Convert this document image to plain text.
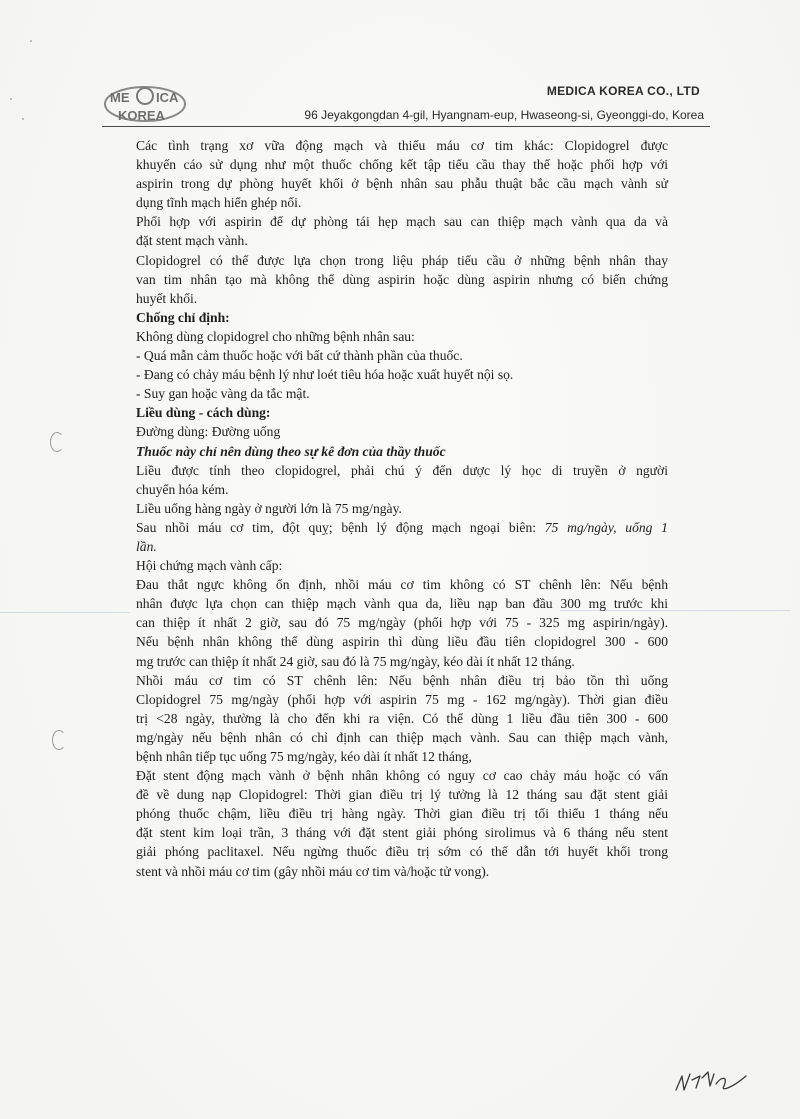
ME ICA
KOREA
MEDICA KOREA CO., LTD
96 Jeyakgongdan 4-gil, Hyangnam-eup, Hwaseong-si, Gyeonggi-do, Korea

Các tình trạng xơ vữa động mạch và thiếu máu cơ tim khác: Clopidogrel được
khuyến cáo sử dụng như một thuốc chống kết tập tiểu cầu thay thế hoặc phối hợp với
aspirin trong dự phòng huyết khối ở bệnh nhân sau phẫu thuật bắc cầu mạch vành sử
dụng tĩnh mạch hiển ghép nối.

Phối hợp với aspirin để dự phòng tái hẹp mạch sau can thiệp mạch vành qua da và
đặt stent mạch vành.

Clopidogrel có thể được lựa chọn trong liệu pháp tiểu cầu ở những bệnh nhân thay
van tim nhân tạo mà không thể dùng aspirin hoặc dùng aspirin nhưng có biến chứng
huyết khối.

Chống chỉ định:

Không dùng clopidogrel cho những bệnh nhân sau:

- Quá mẫn cảm thuốc hoặc với bất cứ thành phần của thuốc.

- Đang có chảy máu bệnh lý như loét tiêu hóa hoặc xuất huyết nội sọ.

- Suy gan hoặc vàng da tắc mật.

Liều dùng - cách dùng:

Đường dùng: Đường uống

Thuốc này chỉ nên dùng theo sự kê đơn của thầy thuốc

Liều được tính theo clopidogrel, phải chú ý đến dược lý học di truyền ở người
chuyển hóa kém.

Liều uống hàng ngày ở người lớn là 75 mg/ngày.

Sau nhồi máu cơ tim, đột quỵ; bệnh lý động mạch ngoại biên: 75 mg/ngày, uống 1
lần.

Hội chứng mạch vành cấp:

Đau thắt ngực không ổn định, nhồi máu cơ tim không có ST chênh lên: Nếu bệnh
nhân được lựa chọn can thiệp mạch vành qua da, liều nạp ban đầu 300 mg trước khi
can thiệp ít nhất 2 giờ, sau đó 75 mg/ngày (phối hợp với 75 - 325 mg aspirin/ngày).
Nếu bệnh nhân không thể dùng aspirin thì dùng liều đầu tiên clopidogrel 300 - 600
mg trước can thiệp ít nhất 24 giờ, sau đó là 75 mg/ngày, kéo dài ít nhất 12 tháng.

Nhồi máu cơ tim có ST chênh lên: Nếu bệnh nhân điều trị bảo tồn thì uống
Clopidogrel 75 mg/ngày (phối hợp với aspirin 75 mg - 162 mg/ngày). Thời gian điều
trị <28 ngày, thường là cho đến khi ra viện. Có thể dùng 1 liều đầu tiên 300 - 600
mg/ngày nếu bệnh nhân có chỉ định can thiệp mạch vành. Sau can thiệp mạch vành,
bệnh nhân tiếp tục uống 75 mg/ngày, kéo dài ít nhất 12 tháng,

Đặt stent động mạch vành ở bệnh nhân không có nguy cơ cao chảy máu hoặc có vấn
đề về dung nạp Clopidogrel: Thời gian điều trị lý tưởng là 12 tháng sau đặt stent giải
phóng thuốc chậm, liều điều trị hàng ngày. Thời gian điều trị tối thiểu 1 tháng nếu
đặt stent kim loại trần, 3 tháng với đặt stent giải phóng sirolimus và 6 tháng nếu stent
giải phóng paclitaxel. Nếu ngừng thuốc điều trị sớm có thể dẫn tới huyết khối trong
stent và nhồi máu cơ tim (gây nhồi máu cơ tim và/hoặc tử vong).
